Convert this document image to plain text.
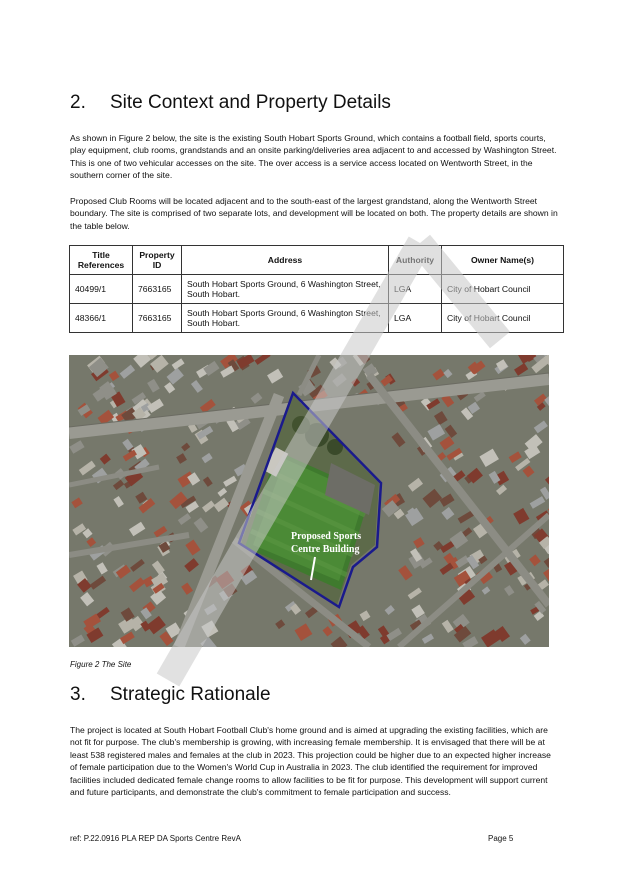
2. Site Context and Property Details

As shown in Figure 2 below, the site is the existing South Hobart Sports Ground, which contains a football field, sports courts, play equipment, club rooms, grandstands and an onsite parking/deliveries area adjacent to and accessed by Washington Street. This is one of two vehicular accesses on the site. The over access is a service access located on Wentworth Street, in the southern corner of the site.

Proposed Club Rooms will be located adjacent and to the south-east of the largest grandstand, along the Wentworth Street boundary. The site is comprised of two separate lots, and development will be located on both. The property details are shown in the table below.

Title References	Property ID	Address	Authority	Owner Name(s)
40499/1	7663165	South Hobart Sports Ground, 6 Washington Street, South Hobart.	LGA	City of Hobart Council
48366/1	7663165	South Hobart Sports Ground, 6 Washington Street, South Hobart.	LGA	City of Hobart Council
Proposed Sports
Centre Building
Figure 2 The Site
3. Strategic Rationale

The project is located at South Hobart Football Club's home ground and is aimed at upgrading the existing facilities, which are not fit for purpose. The club's membership is growing, with increasing female membership. It is envisaged that there will be at least 538 registered males and females at the club in 2023. This projection could be higher due to an expected higher increase of female participation due to the Women's World Cup in Australia in 2023. The club identified the requirement for improved facilities included dedicated female change rooms to allow facilities to be fit for purpose. This development will support current and future participants, and demonstrate the club's commitment to female participation and success.

ref: P.22.0916 PLA REP DA Sports Centre RevA	Page 5
